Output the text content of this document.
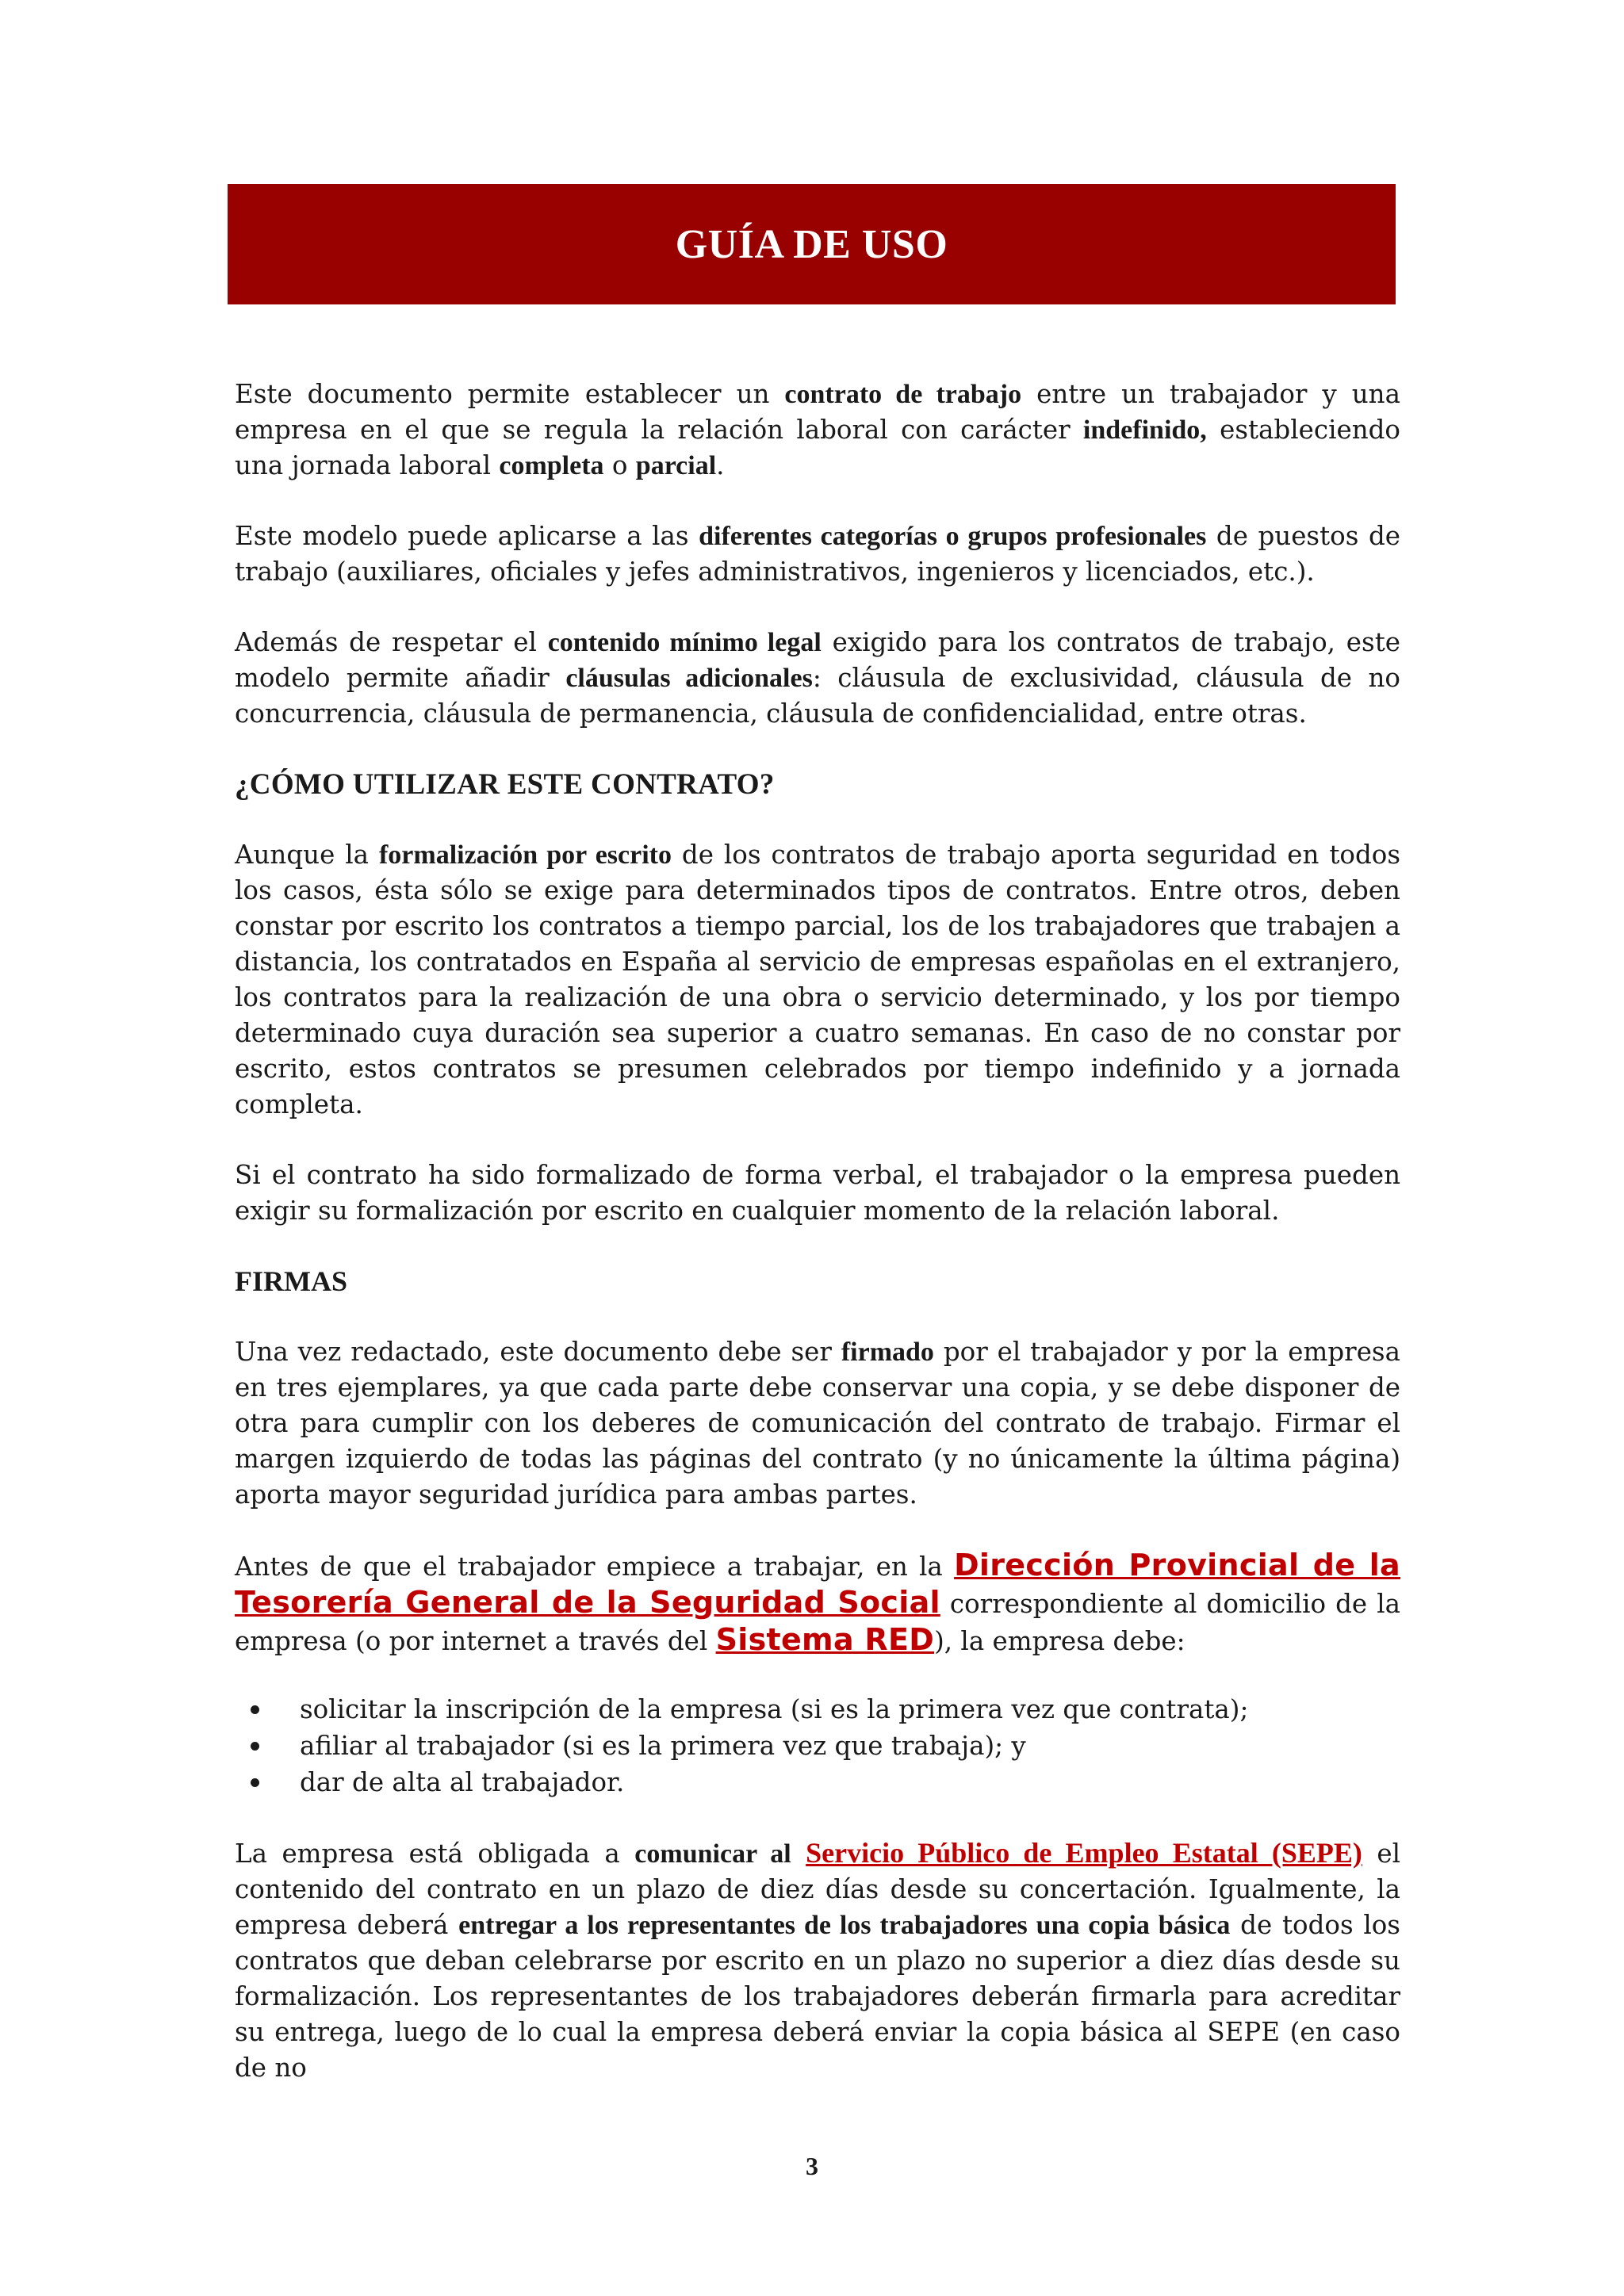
GUÍA DE USO

Este documento permite establecer un contrato de trabajo entre un trabajador y una empresa en el que se regula la relación laboral con carácter indefinido, estableciendo una jornada laboral completa o parcial.

Este modelo puede aplicarse a las diferentes categorías o grupos profesionales de puestos de trabajo (auxiliares, oficiales y jefes administrativos, ingenieros y licenciados, etc.).

Además de respetar el contenido mínimo legal exigido para los contratos de trabajo, este modelo permite añadir cláusulas adicionales: cláusula de exclusividad, cláusula de no concurrencia, cláusula de permanencia, cláusula de confidencialidad, entre otras.

¿CÓMO UTILIZAR ESTE CONTRATO?

Aunque la formalización por escrito de los contratos de trabajo aporta seguridad en todos los casos, ésta sólo se exige para determinados tipos de contratos. Entre otros, deben constar por escrito los contratos a tiempo parcial, los de los trabajadores que trabajen a distancia, los contratados en España al servicio de empresas españolas en el extranjero, los contratos para la realización de una obra o servicio determinado, y los por tiempo determinado cuya duración sea superior a cuatro semanas. En caso de no constar por escrito, estos contratos se presumen celebrados por tiempo indefinido y a jornada completa.

Si el contrato ha sido formalizado de forma verbal, el trabajador o la empresa pueden exigir su formalización por escrito en cualquier momento de la relación laboral.

FIRMAS

Una vez redactado, este documento debe ser firmado por el trabajador y por la empresa en tres ejemplares, ya que cada parte debe conservar una copia, y se debe disponer de otra para cumplir con los deberes de comunicación del contrato de trabajo. Firmar el margen izquierdo de todas las páginas del contrato (y no únicamente la última página) aporta mayor seguridad jurídica para ambas partes.

Antes de que el trabajador empiece a trabajar, en la Dirección Provincial de la Tesorería General de la Seguridad Social correspondiente al domicilio de la empresa (o por internet a través del Sistema RED), la empresa debe:

solicitar la inscripción de la empresa (si es la primera vez que contrata);
afiliar al trabajador (si es la primera vez que trabaja); y
dar de alta al trabajador.

La empresa está obligada a comunicar al Servicio Público de Empleo Estatal (SEPE) el contenido del contrato en un plazo de diez días desde su concertación. Igualmente, la empresa deberá entregar a los representantes de los trabajadores una copia básica de todos los contratos que deban celebrarse por escrito en un plazo no superior a diez días desde su formalización. Los representantes de los trabajadores deberán firmarla para acreditar su entrega, luego de lo cual la empresa deberá enviar la copia básica al SEPE (en caso de no

3
